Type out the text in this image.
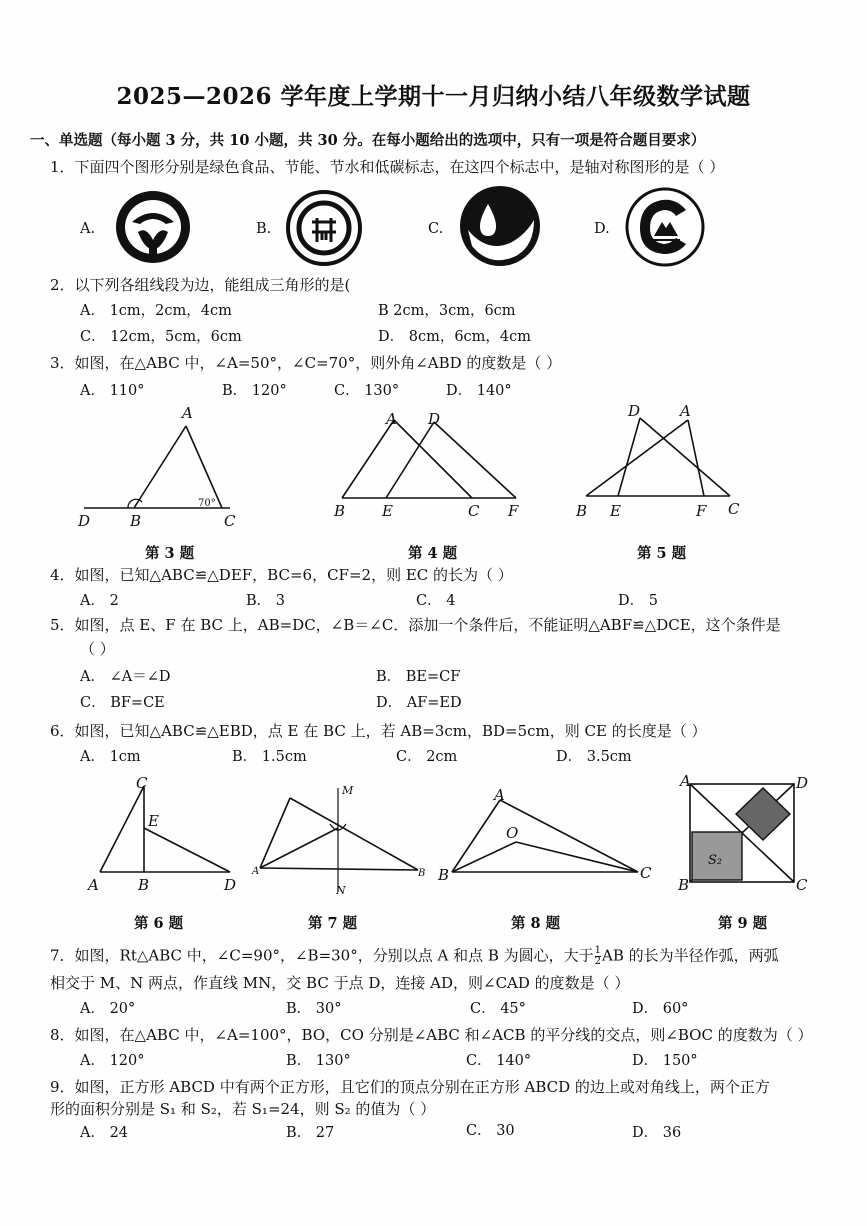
2025—2026 学年度上学期十一月归纳小结八年级数学试题
一、单选题（每小题 3 分，共 10 小题，共 30 分。在每小题给出的选项中，只有一项是符合题目要求）
1．下面四个图形分别是绿色食品、节能、节水和低碳标志，在这四个标志中，是轴对称图形的是（ ）
A.	B.	C.	D.
2．以下列各组线段为边，能组成三角形的是(
A． 1cm，2cm，4cm	B 2cm，3cm，6cm
C． 12cm，5cm，6cm	D． 8cm，6cm，4cm
3．如图，在△ABC 中，∠A=50°，∠C=70°，则外角∠ABD 的度数是（ ）
A． 110°	B． 120°	C． 130°	D． 140°
A
B	C
D
70°
第 3 题
A D
B E	C F
第 4 题
D	A
B E	F C
第 5 题
4．如图，已知△ABC≌△DEF，BC=6，CF=2，则 EC 的长为（ ）
A． 2	B． 3	C． 4	D． 5
5．如图，点 E、F 在 BC 上，AB=DC，∠B＝∠C．添加一个条件后，不能证明△ABF≌△DCE，这个条件是
（ ）
A． ∠A＝∠D	B． BE=CF
C． BF=CE	D． AF=ED
6．如图，已知△ABC≌△EBD，点 E 在 BC 上，若 AB=3cm，BD=5cm，则 CE 的长度是（ ）
A． 1cm	B． 1.5cm	C． 2cm	D． 3.5cm
C
E
A	B	D
第 6 题
M
N
A	B
第 7 题
A
O
B	C
第 8 题
A	D
B	C
S₂
第 9 题
7．如图，Rt△ABC 中，∠C=90°，∠B=30°，分别以点 A 和点 B 为圆心，大于 $\frac{1}{2}$ AB 的长为半径作弧，两弧
相交于 M、N 两点，作直线 MN，交 BC 于点 D，连接 AD，则∠CAD 的度数是（ ）
A． 20°	B． 30°	C． 45°	D． 60°
8．如图，在△ABC 中，∠A=100°，BO，CO 分别是∠ABC 和∠ACB 的平分线的交点，则∠BOC 的度数为（ ）
A． 120°	B． 130°	C． 140°	D． 150°
9．如图，正方形 ABCD 中有两个正方形，且它们的顶点分别在正方形 ABCD 的边上或对角线上，两个正方
形的面积分别是 S₁ 和 S₂，若 S₁=24，则 S₂ 的值为（ ）
A． 24	B． 27	C． 30	D． 36
